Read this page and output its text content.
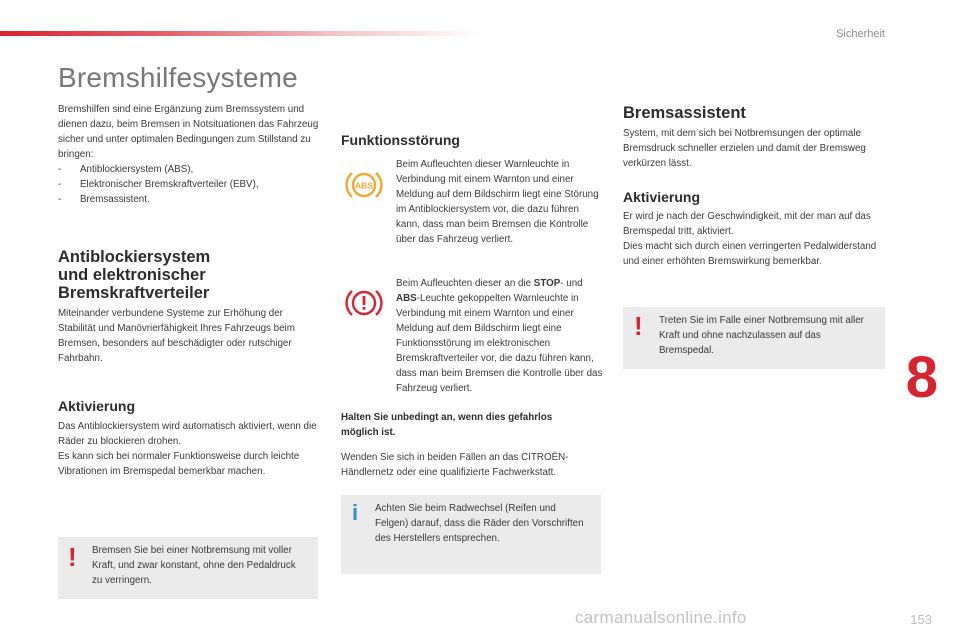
Sicherheit
Bremshilfesysteme

Bremshilfen sind eine Ergänzung zum Bremssystem und dienen dazu, beim Bremsen in Notsituationen das Fahrzeug sicher und unter optimalen Bedingungen zum Stillstand zu bringen:

-	Antiblockiersystem (ABS),
-	Elektronischer Bremskraftverteiler (EBV),
-	Bremsassistent.
Antiblockiersystem
und elektronischer
Bremskraftverteiler

Miteinander verbundene Systeme zur Erhöhung der Stabilität und Manövrierfähigkeit Ihres Fahrzeugs beim Bremsen, besonders auf beschädigter oder rutschiger Fahrbahn.

Aktivierung

Das Antiblockiersystem wird automatisch aktiviert, wenn die Räder zu blockieren drohen.

Es kann sich bei normaler Funktionsweise durch leichte Vibrationen im Bremspedal bemerkbar machen.

! Bremsen Sie bei einer Notbremsung mit voller Kraft, und zwar konstant, ohne den Pedaldruck zu verringern.

Funktionsstörung
ABS

Beim Aufleuchten dieser Warnleuchte in Verbindung mit einem Warnton und einer Meldung auf dem Bildschirm liegt eine Störung im Antiblockiersystem vor, die dazu führen kann, dass man beim Bremsen die Kontrolle über das Fahrzeug verliert.

Beim Aufleuchten dieser an die STOP- und ABS-Leuchte gekoppelten Warnleuchte in Verbindung mit einem Warnton und einer Meldung auf dem Bildschirm liegt eine Funktionsstörung im elektronischen Bremskraftverteiler vor, die dazu führen kann, dass man beim Bremsen die Kontrolle über das Fahrzeug verliert.

Halten Sie unbedingt an, wenn dies gefahrlos möglich ist.

Wenden Sie sich in beiden Fällen an das CITROËN-Händlernetz oder eine qualifizierte Fachwerkstatt.

i Achten Sie beim Radwechsel (Reifen und Felgen) darauf, dass die Räder den Vorschriften des Herstellers entsprechen.

Bremsassistent

System, mit dem sich bei Notbremsungen der optimale Bremsdruck schneller erzielen und damit der Bremsweg verkürzen lässt.

Aktivierung

Er wird je nach der Geschwindigkeit, mit der man auf das Bremspedal tritt, aktiviert.

Dies macht sich durch einen verringerten Pedalwiderstand und einer erhöhten Bremswirkung bemerkbar.

! Treten Sie im Falle einer Notbremsung mit aller Kraft und ohne nachzulassen auf das Bremspedal.	8
carmanualsonline.info	153
